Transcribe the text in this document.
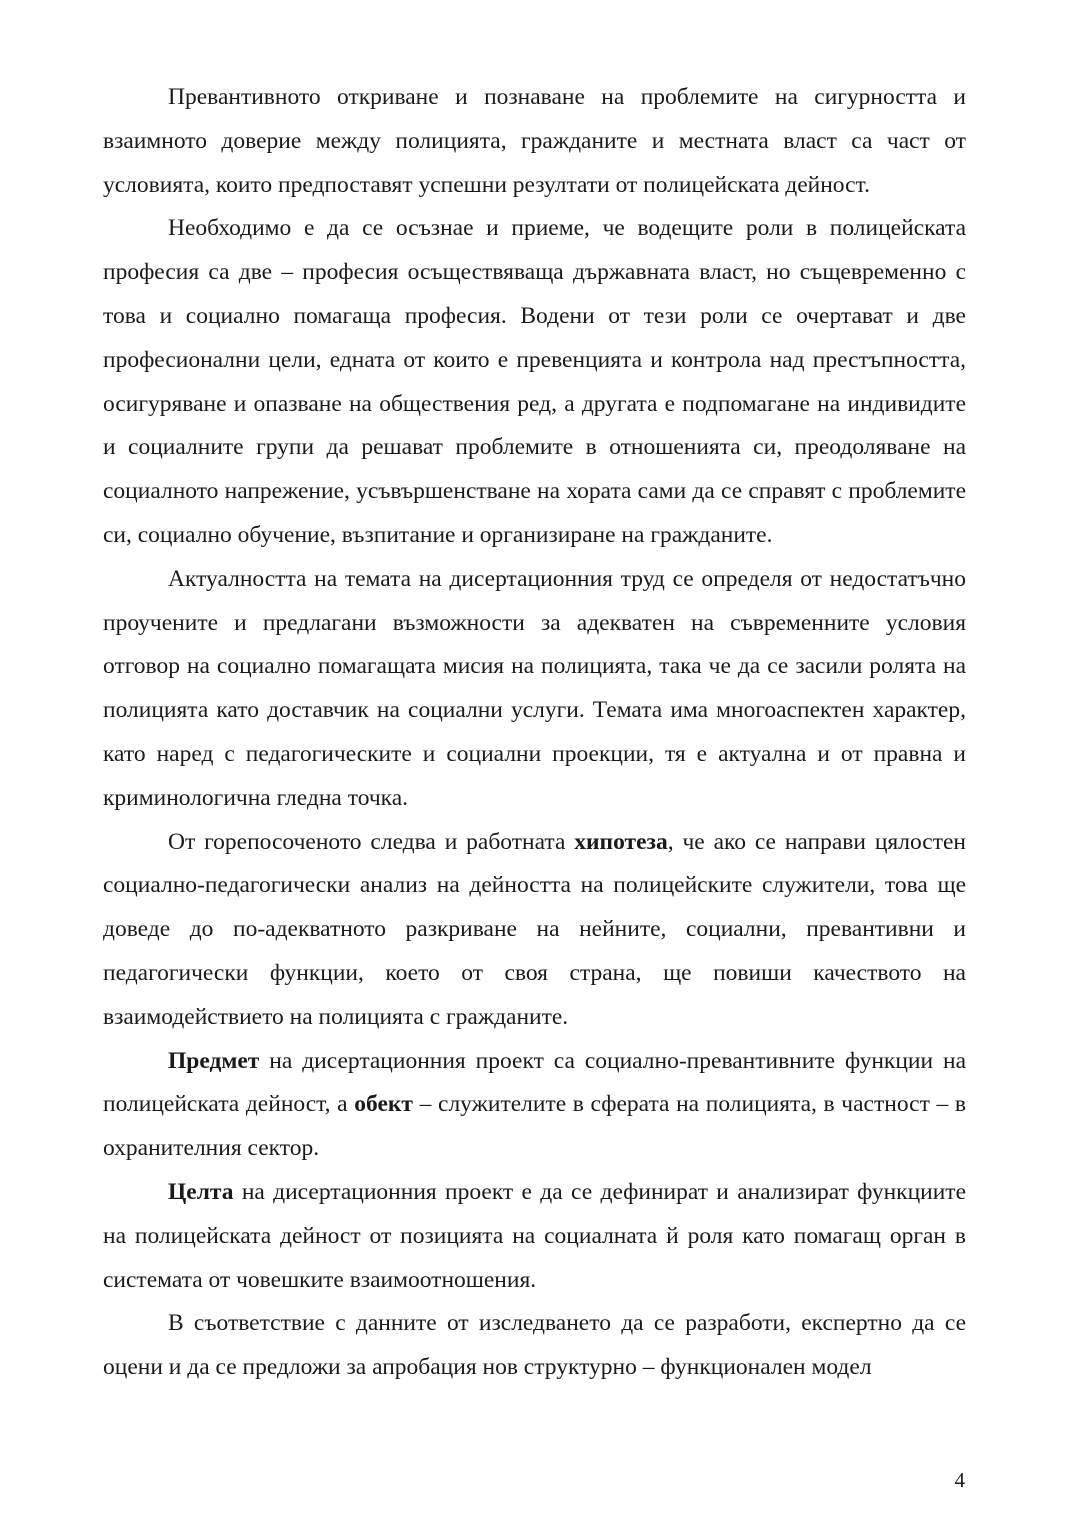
Превантивното откриване и познаване на проблемите на сигурността и взаимното доверие между полицията, гражданите и местната власт са част от условията, които предпоставят успешни резултати от полицейската дейност.

Необходимо е да се осъзнае и приеме, че водещите роли в полицейската професия са две – професия осъществяваща държавната власт, но същевременно с това и социално помагаща професия. Водени от тези роли се очертават и две професионални цели, едната от които е превенцията и контрола над престъпността, осигуряване и опазване на обществения ред, а другата е подпомагане на индивидите и социалните групи да решават проблемите в отношенията си, преодоляване на социалното напрежение, усъвършенстване на хората сами да се справят с проблемите си, социално обучение, възпитание и организиране на гражданите.

Актуалността на темата на дисертационния труд се определя от недостатъчно проучените и предлагани възможности за адекватен на съвременните условия отговор на социално помагащата мисия на полицията, така че да се засили ролята на полицията като доставчик на социални услуги. Темата има многоаспектен характер, като наред с педагогическите и социални проекции, тя е актуална и от правна и криминологична гледна точка.

От горепосоченото следва и работната хипотеза, че ако се направи цялостен социално-педагогически анализ на дейността на полицейските служители, това ще доведе до по-адекватното разкриване на нейните, социални, превантивни и педагогически функции, което от своя страна, ще повиши качеството на взаимодействието на полицията с гражданите.

Предмет на дисертационния проект са социално-превантивните функции на полицейската дейност, а обект – служителите в сферата на полицията, в частност – в охранителния сектор.

Целта на дисертационния проект е да се дефинират и анализират функциите на полицейската дейност от позицията на социалната й роля като помагащ орган в системата от човешките взаимоотношения.

В съответствие с данните от изследването да се разработи, експертно да се оцени и да се предложи за апробация нов структурно – функционален модел

4
